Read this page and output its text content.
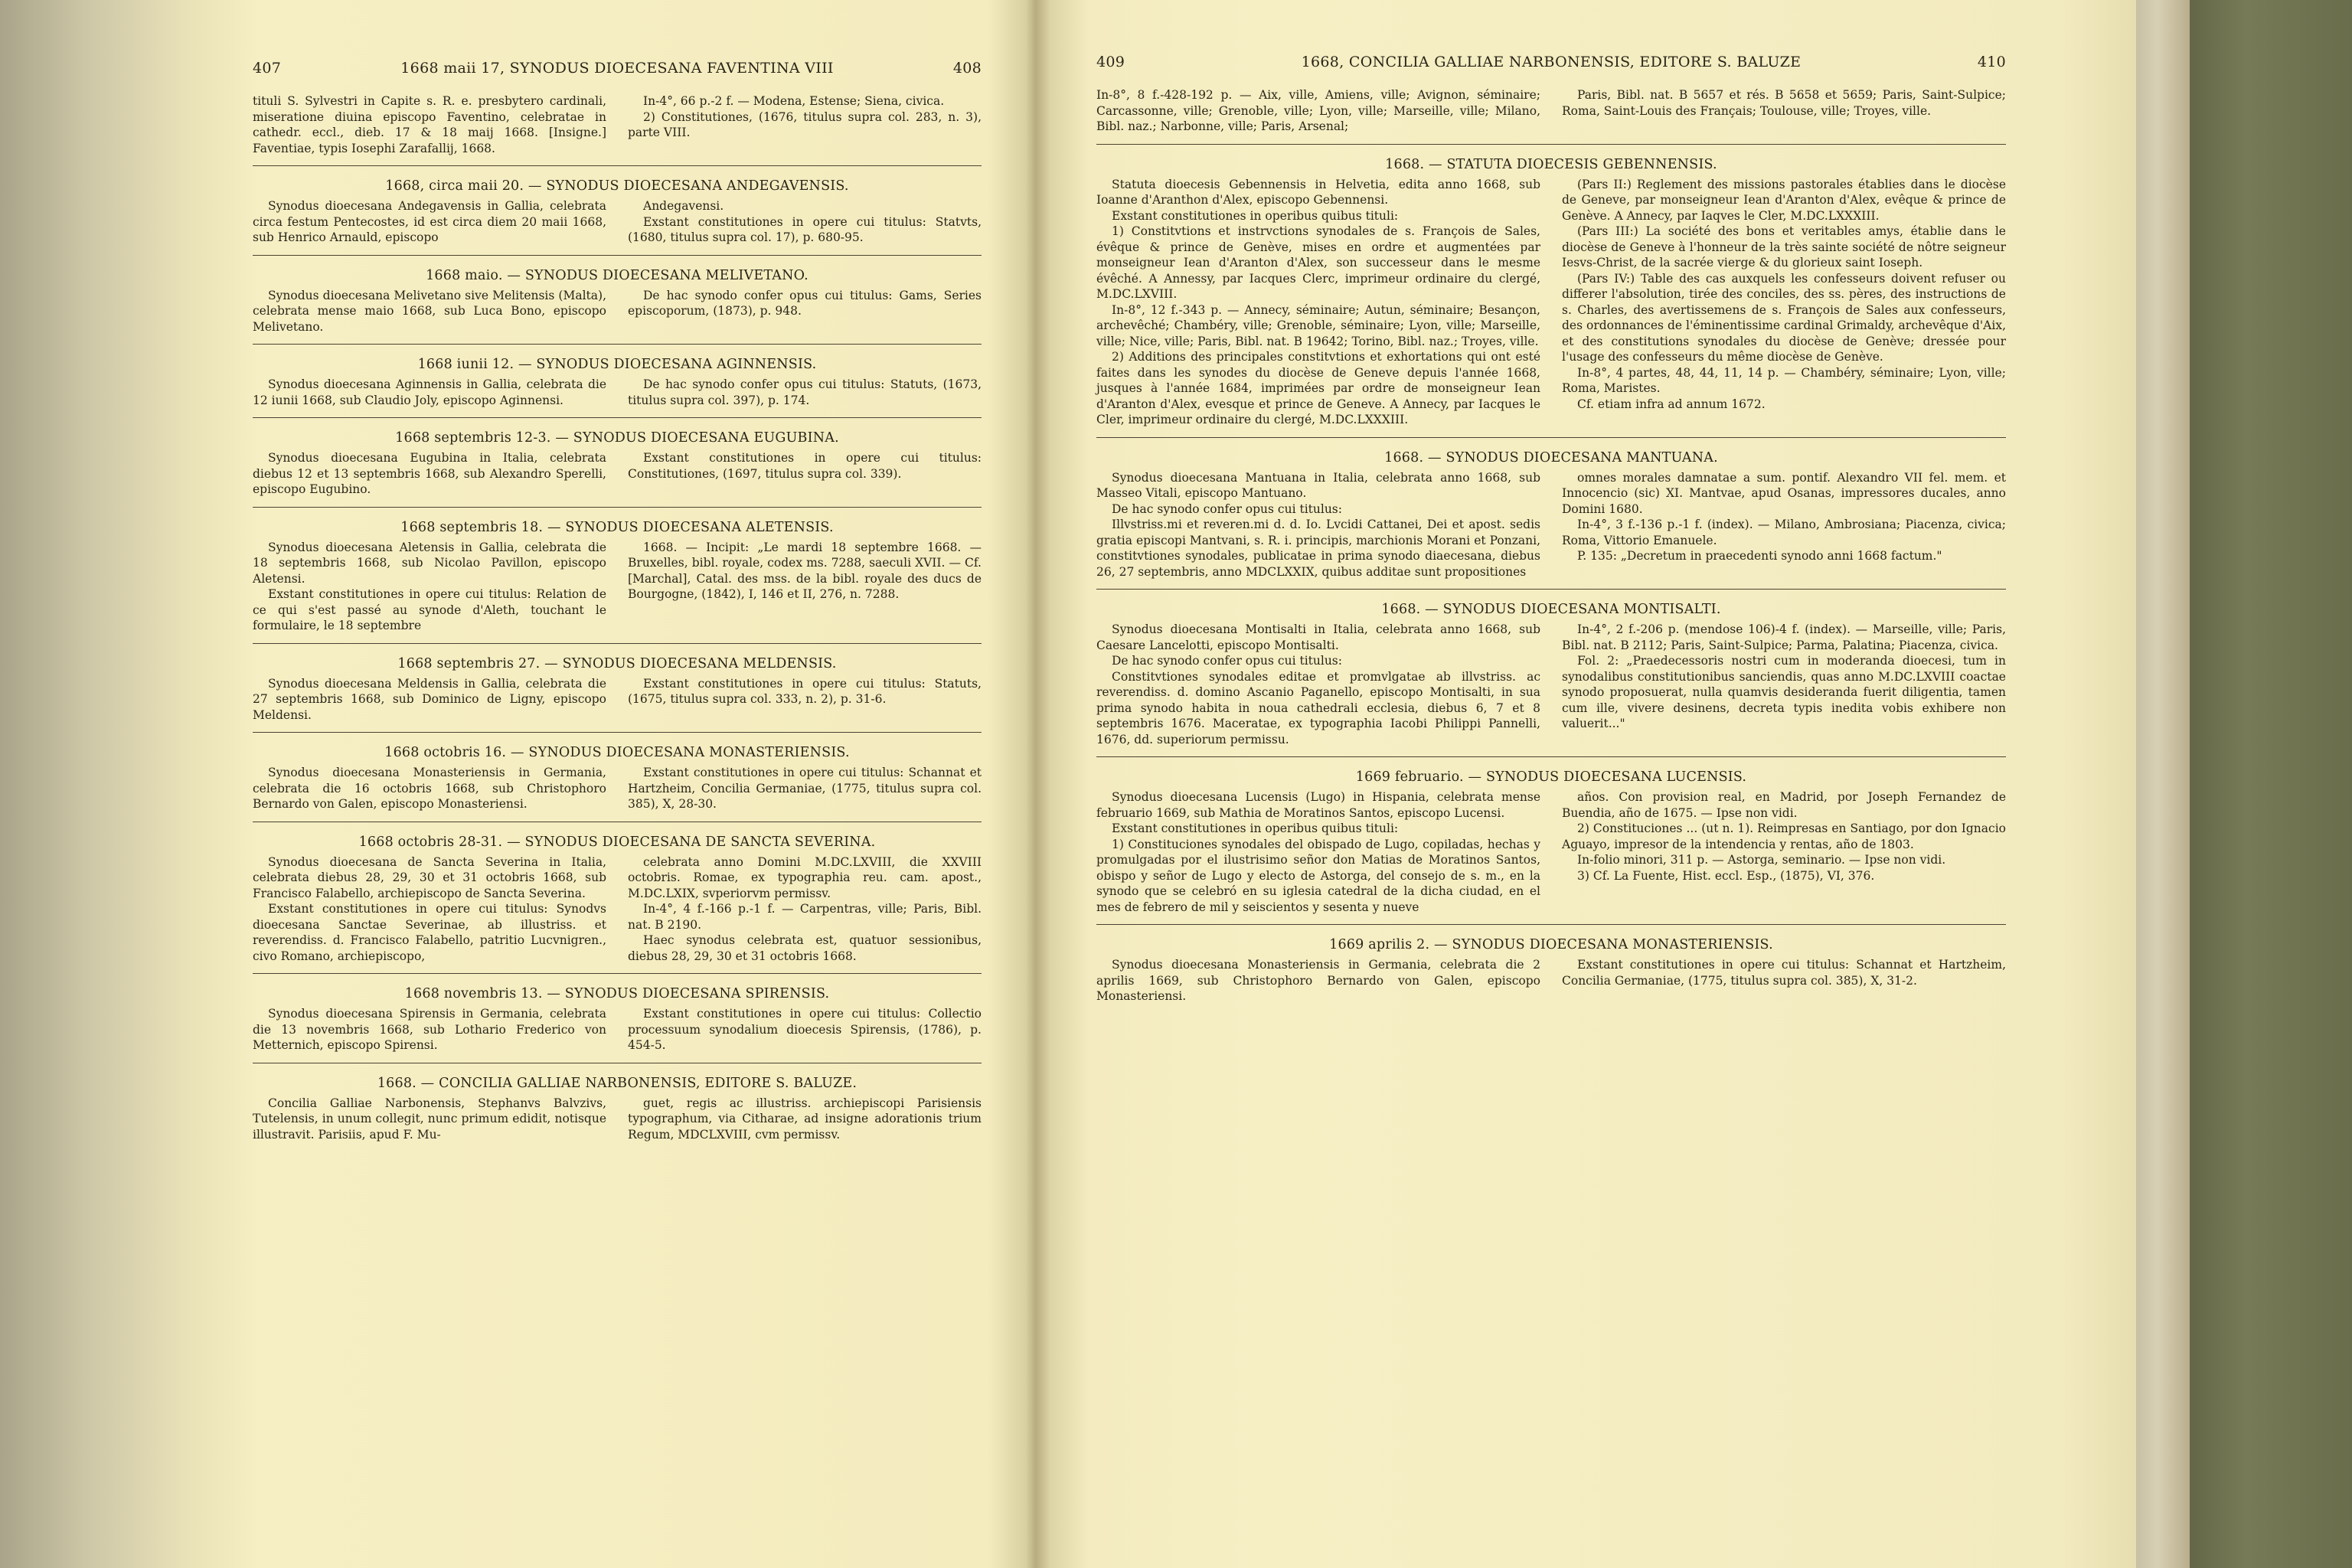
407	1668 maii 17, SYNODUS DIOECESANA FAVENTINA VIII	408

tituli S. Sylvestri in Capite s. R. e. presbytero cardinali, miseratione diuina episcopo Faventino, celebratae in cathedr. eccl., dieb. 17 & 18 maij 1668. [Insigne.] Faventiae, typis Iosephi Zarafallij, 1668.

In-4°, 66 p.-2 f. — Modena, Estense; Siena, civica.

2) Constitutiones, (1676, titulus supra col. 283, n. 3), parte VIII.

1668, circa maii 20. — SYNODUS DIOECESANA ANDEGAVENSIS.

Synodus dioecesana Andegavensis in Gallia, celebrata circa festum Pentecostes, id est circa diem 20 maii 1668, sub Henrico Arnauld, episcopo

Andegavensi.

Exstant constitutiones in opere cui titulus: Statvts, (1680, titulus supra col. 17), p. 680-95.

1668 maio. — SYNODUS DIOECESANA MELIVETANO.

Synodus dioecesana Melivetano sive Melitensis (Malta), celebrata mense maio 1668, sub Luca Bono, episcopo Melivetano.

De hac synodo confer opus cui titulus: Gams, Series episcoporum, (1873), p. 948.

1668 iunii 12. — SYNODUS DIOECESANA AGINNENSIS.

Synodus dioecesana Aginnensis in Gallia, celebrata die 12 iunii 1668, sub Claudio Joly, episcopo Aginnensi.

De hac synodo confer opus cui titulus: Statuts, (1673, titulus supra col. 397), p. 174.

1668 septembris 12-3. — SYNODUS DIOECESANA EUGUBINA.

Synodus dioecesana Eugubina in Italia, celebrata diebus 12 et 13 septembris 1668, sub Alexandro Sperelli, episcopo Eugubino.

Exstant constitutiones in opere cui titulus: Constitutiones, (1697, titulus supra col. 339).

1668 septembris 18. — SYNODUS DIOECESANA ALETENSIS.

Synodus dioecesana Aletensis in Gallia, celebrata die 18 septembris 1668, sub Nicolao Pavillon, episcopo Aletensi.

Exstant constitutiones in opere cui titulus: Relation de ce qui s'est passé au synode d'Aleth, touchant le formulaire, le 18 septembre

1668. — Incipit: „Le mardi 18 septembre 1668. — Bruxelles, bibl. royale, codex ms. 7288, saeculi XVII. — Cf. [Marchal], Catal. des mss. de la bibl. royale des ducs de Bourgogne, (1842), I, 146 et II, 276, n. 7288.

1668 septembris 27. — SYNODUS DIOECESANA MELDENSIS.

Synodus dioecesana Meldensis in Gallia, celebrata die 27 septembris 1668, sub Dominico de Ligny, episcopo Meldensi.

Exstant constitutiones in opere cui titulus: Statuts, (1675, titulus supra col. 333, n. 2), p. 31-6.

1668 octobris 16. — SYNODUS DIOECESANA MONASTERIENSIS.

Synodus dioecesana Monasteriensis in Germania, celebrata die 16 octobris 1668, sub Christophoro Bernardo von Galen, episcopo Monasteriensi.

Exstant constitutiones in opere cui titulus: Schannat et Hartzheim, Concilia Germaniae, (1775, titulus supra col. 385), X, 28-30.

1668 octobris 28-31. — SYNODUS DIOECESANA DE SANCTA SEVERINA.

Synodus dioecesana de Sancta Severina in Italia, celebrata diebus 28, 29, 30 et 31 octobris 1668, sub Francisco Falabello, archiepiscopo de Sancta Severina.

Exstant constitutiones in opere cui titulus: Synodvs dioecesana Sanctae Severinae, ab illustriss. et reverendiss. d. Francisco Falabello, patritio Lucvnigren., civo Romano, archiepiscopo,

celebrata anno Domini M.DC.LXVIII, die XXVIII octobris. Romae, ex typographia reu. cam. apost., M.DC.LXIX, svperiorvm permissv.

In-4°, 4 f.-166 p.-1 f. — Carpentras, ville; Paris, Bibl. nat. B 2190.

Haec synodus celebrata est, quatuor sessionibus, diebus 28, 29, 30 et 31 octobris 1668.

1668 novembris 13. — SYNODUS DIOECESANA SPIRENSIS.

Synodus dioecesana Spirensis in Germania, celebrata die 13 novembris 1668, sub Lothario Frederico von Metternich, episcopo Spirensi.

Exstant constitutiones in opere cui titulus: Collectio processuum synodalium dioecesis Spirensis, (1786), p. 454-5.

1668. — CONCILIA GALLIAE NARBONENSIS, EDITORE S. BALUZE.

Concilia Galliae Narbonensis, Stephanvs Balvzivs, Tutelensis, in unum collegit, nunc primum edidit, notisque illustravit. Parisiis, apud F. Mu-

guet, regis ac illustriss. archiepiscopi Parisiensis typographum, via Citharae, ad insigne adorationis trium Regum, MDCLXVIII, cvm permissv.

409	1668, CONCILIA GALLIAE NARBONENSIS, EDITORE S. BALUZE	410

In-8°, 8 f.-428-192 p. — Aix, ville, Amiens, ville; Avignon, séminaire; Carcassonne, ville; Grenoble, ville; Lyon, ville; Marseille, ville; Milano, Bibl. naz.; Narbonne, ville; Paris, Arsenal;

Paris, Bibl. nat. B 5657 et rés. B 5658 et 5659; Paris, Saint-Sulpice; Roma, Saint-Louis des Français; Toulouse, ville; Troyes, ville.

1668. — STATUTA DIOECESIS GEBENNENSIS.

Statuta dioecesis Gebennensis in Helvetia, edita anno 1668, sub Ioanne d'Aranthon d'Alex, episcopo Gebennensi.

Exstant constitutiones in operibus quibus tituli:

1) Constitvtions et instrvctions synodales de s. François de Sales, évêque & prince de Genève, mises en ordre et augmentées par monseigneur Iean d'Aranton d'Alex, son successeur dans le mesme évêché. A Annessy, par Iacques Clerc, imprimeur ordinaire du clergé, M.DC.LXVIII.

In-8°, 12 f.-343 p. — Annecy, séminaire; Autun, séminaire; Besançon, archevêché; Chambéry, ville; Grenoble, séminaire; Lyon, ville; Marseille, ville; Nice, ville; Paris, Bibl. nat. B 19642; Torino, Bibl. naz.; Troyes, ville.

2) Additions des principales constitvtions et exhortations qui ont esté faites dans les synodes du diocèse de Geneve depuis l'année 1668, jusques à l'année 1684, imprimées par ordre de monseigneur Iean d'Aranton d'Alex, evesque et prince de Geneve. A Annecy, par Iacques le Cler, imprimeur ordinaire du clergé, M.DC.LXXXIII.

(Pars II:) Reglement des missions pastorales établies dans le diocèse de Geneve, par monseigneur Iean d'Aranton d'Alex, evêque & prince de Genève. A Annecy, par Iaqves le Cler, M.DC.LXXXIII.

(Pars III:) La société des bons et veritables amys, établie dans le diocèse de Geneve à l'honneur de la très sainte société de nôtre seigneur Iesvs-Christ, de la sacrée vierge & du glorieux saint Ioseph.

(Pars IV:) Table des cas auxquels les confesseurs doivent refuser ou differer l'absolution, tirée des conciles, des ss. pères, des instructions de s. Charles, des avertissemens de s. François de Sales aux confesseurs, des ordonnances de l'éminentissime cardinal Grimaldy, archevêque d'Aix, et des constitutions synodales du diocèse de Genève; dressée pour l'usage des confesseurs du même diocèse de Genève.

In-8°, 4 partes, 48, 44, 11, 14 p. — Chambéry, séminaire; Lyon, ville; Roma, Maristes.

Cf. etiam infra ad annum 1672.

1668. — SYNODUS DIOECESANA MANTUANA.

Synodus dioecesana Mantuana in Italia, celebrata anno 1668, sub Masseo Vitali, episcopo Mantuano.

De hac synodo confer opus cui titulus:

Illvstriss.mi et reveren.mi d. d. Io. Lvcidi Cattanei, Dei et apost. sedis gratia episcopi Mantvani, s. R. i. principis, marchionis Morani et Ponzani, constitvtiones synodales, publicatae in prima synodo diaecesana, diebus 26, 27 septembris, anno MDCLXXIX, quibus additae sunt propositiones

omnes morales damnatae a sum. pontif. Alexandro VII fel. mem. et Innocencio (sic) XI. Mantvae, apud Osanas, impressores ducales, anno Domini 1680.

In-4°, 3 f.-136 p.-1 f. (index). — Milano, Ambrosiana; Piacenza, civica; Roma, Vittorio Emanuele.

P. 135: „Decretum in praecedenti synodo anni 1668 factum."

1668. — SYNODUS DIOECESANA MONTISALTI.

Synodus dioecesana Montisalti in Italia, celebrata anno 1668, sub Caesare Lancelotti, episcopo Montisalti.

De hac synodo confer opus cui titulus:

Constitvtiones synodales editae et promvlgatae ab illvstriss. ac reverendiss. d. domino Ascanio Paganello, episcopo Montisalti, in sua prima synodo habita in noua cathedrali ecclesia, diebus 6, 7 et 8 septembris 1676. Maceratae, ex typographia Iacobi Philippi Pannelli, 1676, dd. superiorum permissu.

In-4°, 2 f.-206 p. (mendose 106)-4 f. (index). — Marseille, ville; Paris, Bibl. nat. B 2112; Paris, Saint-Sulpice; Parma, Palatina; Piacenza, civica.

Fol. 2: „Praedecessoris nostri cum in moderanda dioecesi, tum in synodalibus constitutionibus sanciendis, quas anno M.DC.LXVIII coactae synodo proposuerat, nulla quamvis desideranda fuerit diligentia, tamen cum ille, vivere desinens, decreta typis inedita vobis exhibere non valuerit..."

1669 februario. — SYNODUS DIOECESANA LUCENSIS.

Synodus dioecesana Lucensis (Lugo) in Hispania, celebrata mense februario 1669, sub Mathia de Moratinos Santos, episcopo Lucensi.

Exstant constitutiones in operibus quibus tituli:

1) Constituciones synodales del obispado de Lugo, copiladas, hechas y promulgadas por el ilustrisimo señor don Matias de Moratinos Santos, obispo y señor de Lugo y electo de Astorga, del consejo de s. m., en la synodo que se celebró en su iglesia catedral de la dicha ciudad, en el mes de febrero de mil y seiscientos y sesenta y nueve

años. Con provision real, en Madrid, por Joseph Fernandez de Buendia, año de 1675. — Ipse non vidi.

2) Constituciones ... (ut n. 1). Reimpresas en Santiago, por don Ignacio Aguayo, impresor de la intendencia y rentas, año de 1803.

In-folio minori, 311 p. — Astorga, seminario. — Ipse non vidi.

3) Cf. La Fuente, Hist. eccl. Esp., (1875), VI, 376.

1669 aprilis 2. — SYNODUS DIOECESANA MONASTERIENSIS.

Synodus dioecesana Monasteriensis in Germania, celebrata die 2 aprilis 1669, sub Christophoro Bernardo von Galen, episcopo Monasteriensi.

Exstant constitutiones in opere cui titulus: Schannat et Hartzheim, Concilia Germaniae, (1775, titulus supra col. 385), X, 31-2.
